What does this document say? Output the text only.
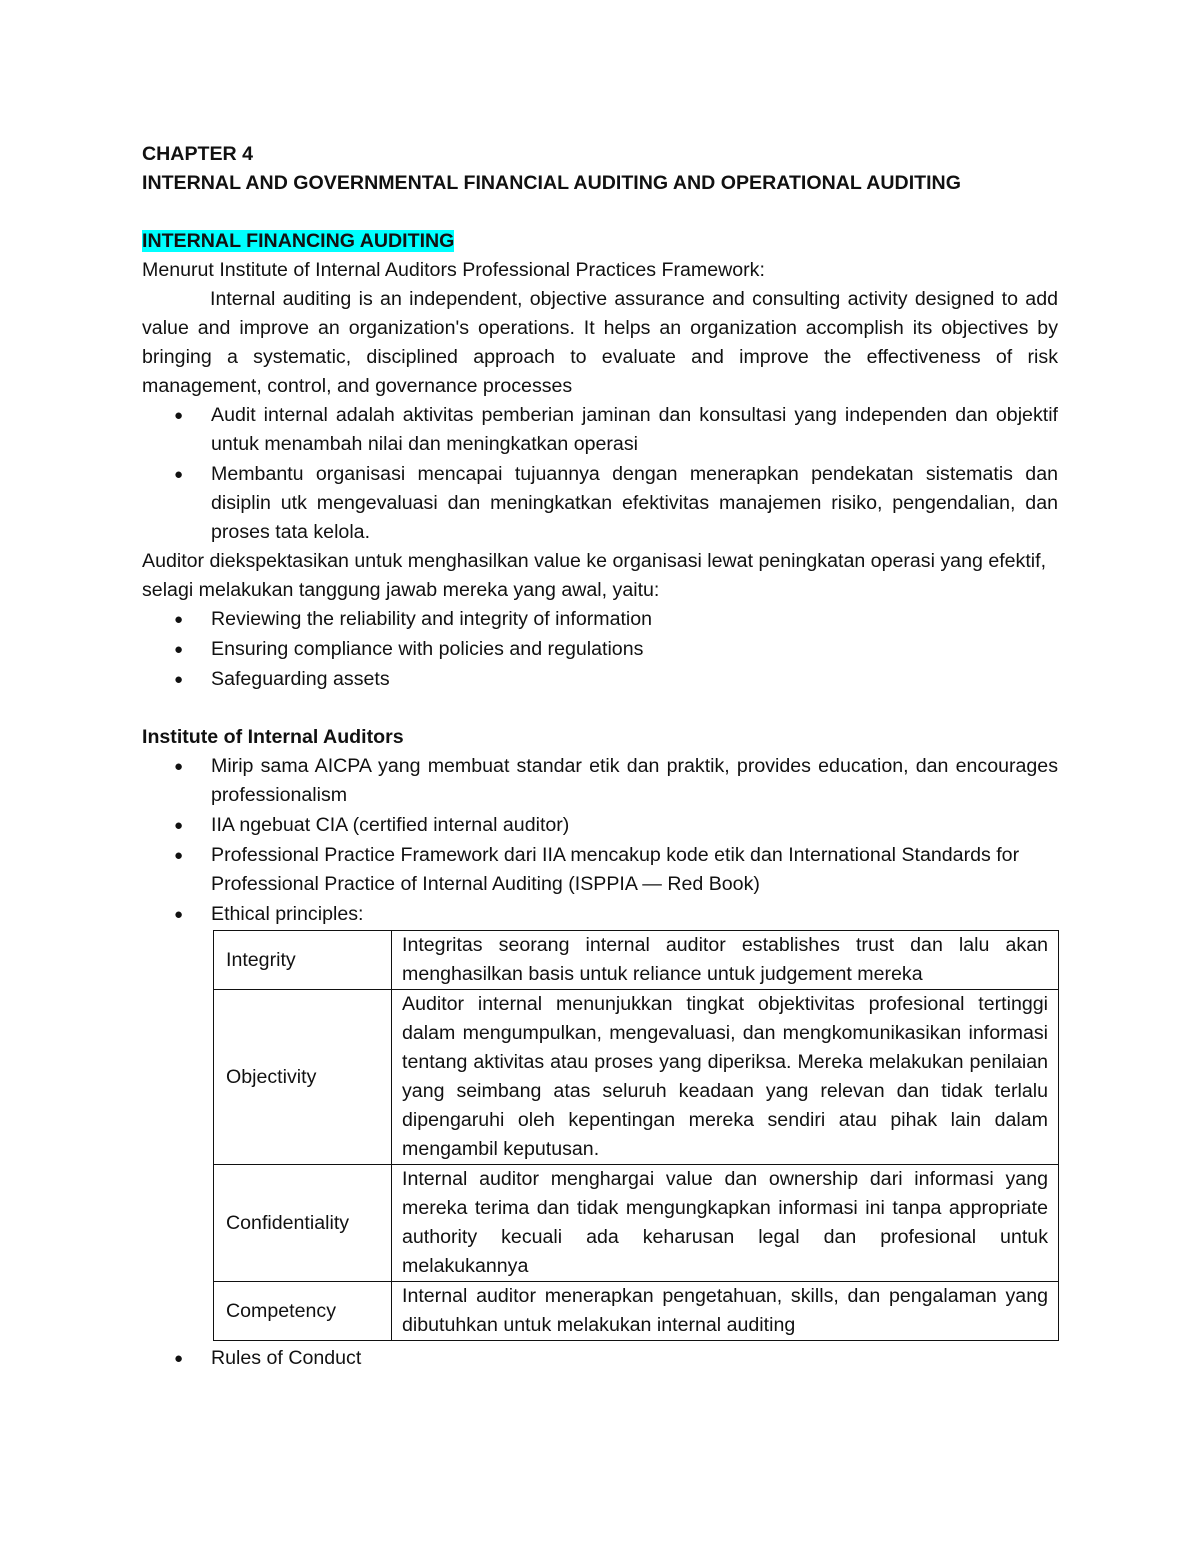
CHAPTER 4

INTERNAL AND GOVERNMENTAL FINANCIAL AUDITING AND OPERATIONAL AUDITING

INTERNAL FINANCING AUDITING

Menurut Institute of Internal Auditors Professional Practices Framework:

Internal auditing is an independent, objective assurance and consulting activity designed to add value and improve an organization's operations. It helps an organization accomplish its objectives by bringing a systematic, disciplined approach to evaluate and improve the effectiveness of risk management, control, and governance processes

● Audit internal adalah aktivitas pemberian jaminan dan konsultasi yang independen dan objektif untuk menambah nilai dan meningkatkan operasi
● Membantu organisasi mencapai tujuannya dengan menerapkan pendekatan sistematis dan disiplin utk mengevaluasi dan meningkatkan efektivitas manajemen risiko, pengendalian, dan proses tata kelola.

Auditor diekspektasikan untuk menghasilkan value ke organisasi lewat peningkatan operasi yang efektif, selagi melakukan tanggung jawab mereka yang awal, yaitu:

● Reviewing the reliability and integrity of information
● Ensuring compliance with policies and regulations
● Safeguarding assets

Institute of Internal Auditors

● Mirip sama AICPA yang membuat standar etik dan praktik, provides education, dan encourages professionalism
● IIA ngebuat CIA (certified internal auditor)
● Professional Practice Framework dari IIA mencakup kode etik dan International Standards for Professional Practice of Internal Auditing (ISPPIA — Red Book)
● Ethical principles:
Integrity	Integritas seorang internal auditor establishes trust dan lalu akan menghasilkan basis untuk reliance untuk judgement mereka
Objectivity	Auditor internal menunjukkan tingkat objektivitas profesional tertinggi dalam mengumpulkan, mengevaluasi, dan mengkomunikasikan informasi tentang aktivitas atau proses yang diperiksa. Mereka melakukan penilaian yang seimbang atas seluruh keadaan yang relevan dan tidak terlalu dipengaruhi oleh kepentingan mereka sendiri atau pihak lain dalam mengambil keputusan.
Confidentiality	Internal auditor menghargai value dan ownership dari informasi yang mereka terima dan tidak mengungkapkan informasi ini tanpa appropriate authority kecuali ada keharusan legal dan profesional untuk melakukannya
Competency	Internal auditor menerapkan pengetahuan, skills, dan pengalaman yang dibutuhkan untuk melakukan internal auditing
● Rules of Conduct
